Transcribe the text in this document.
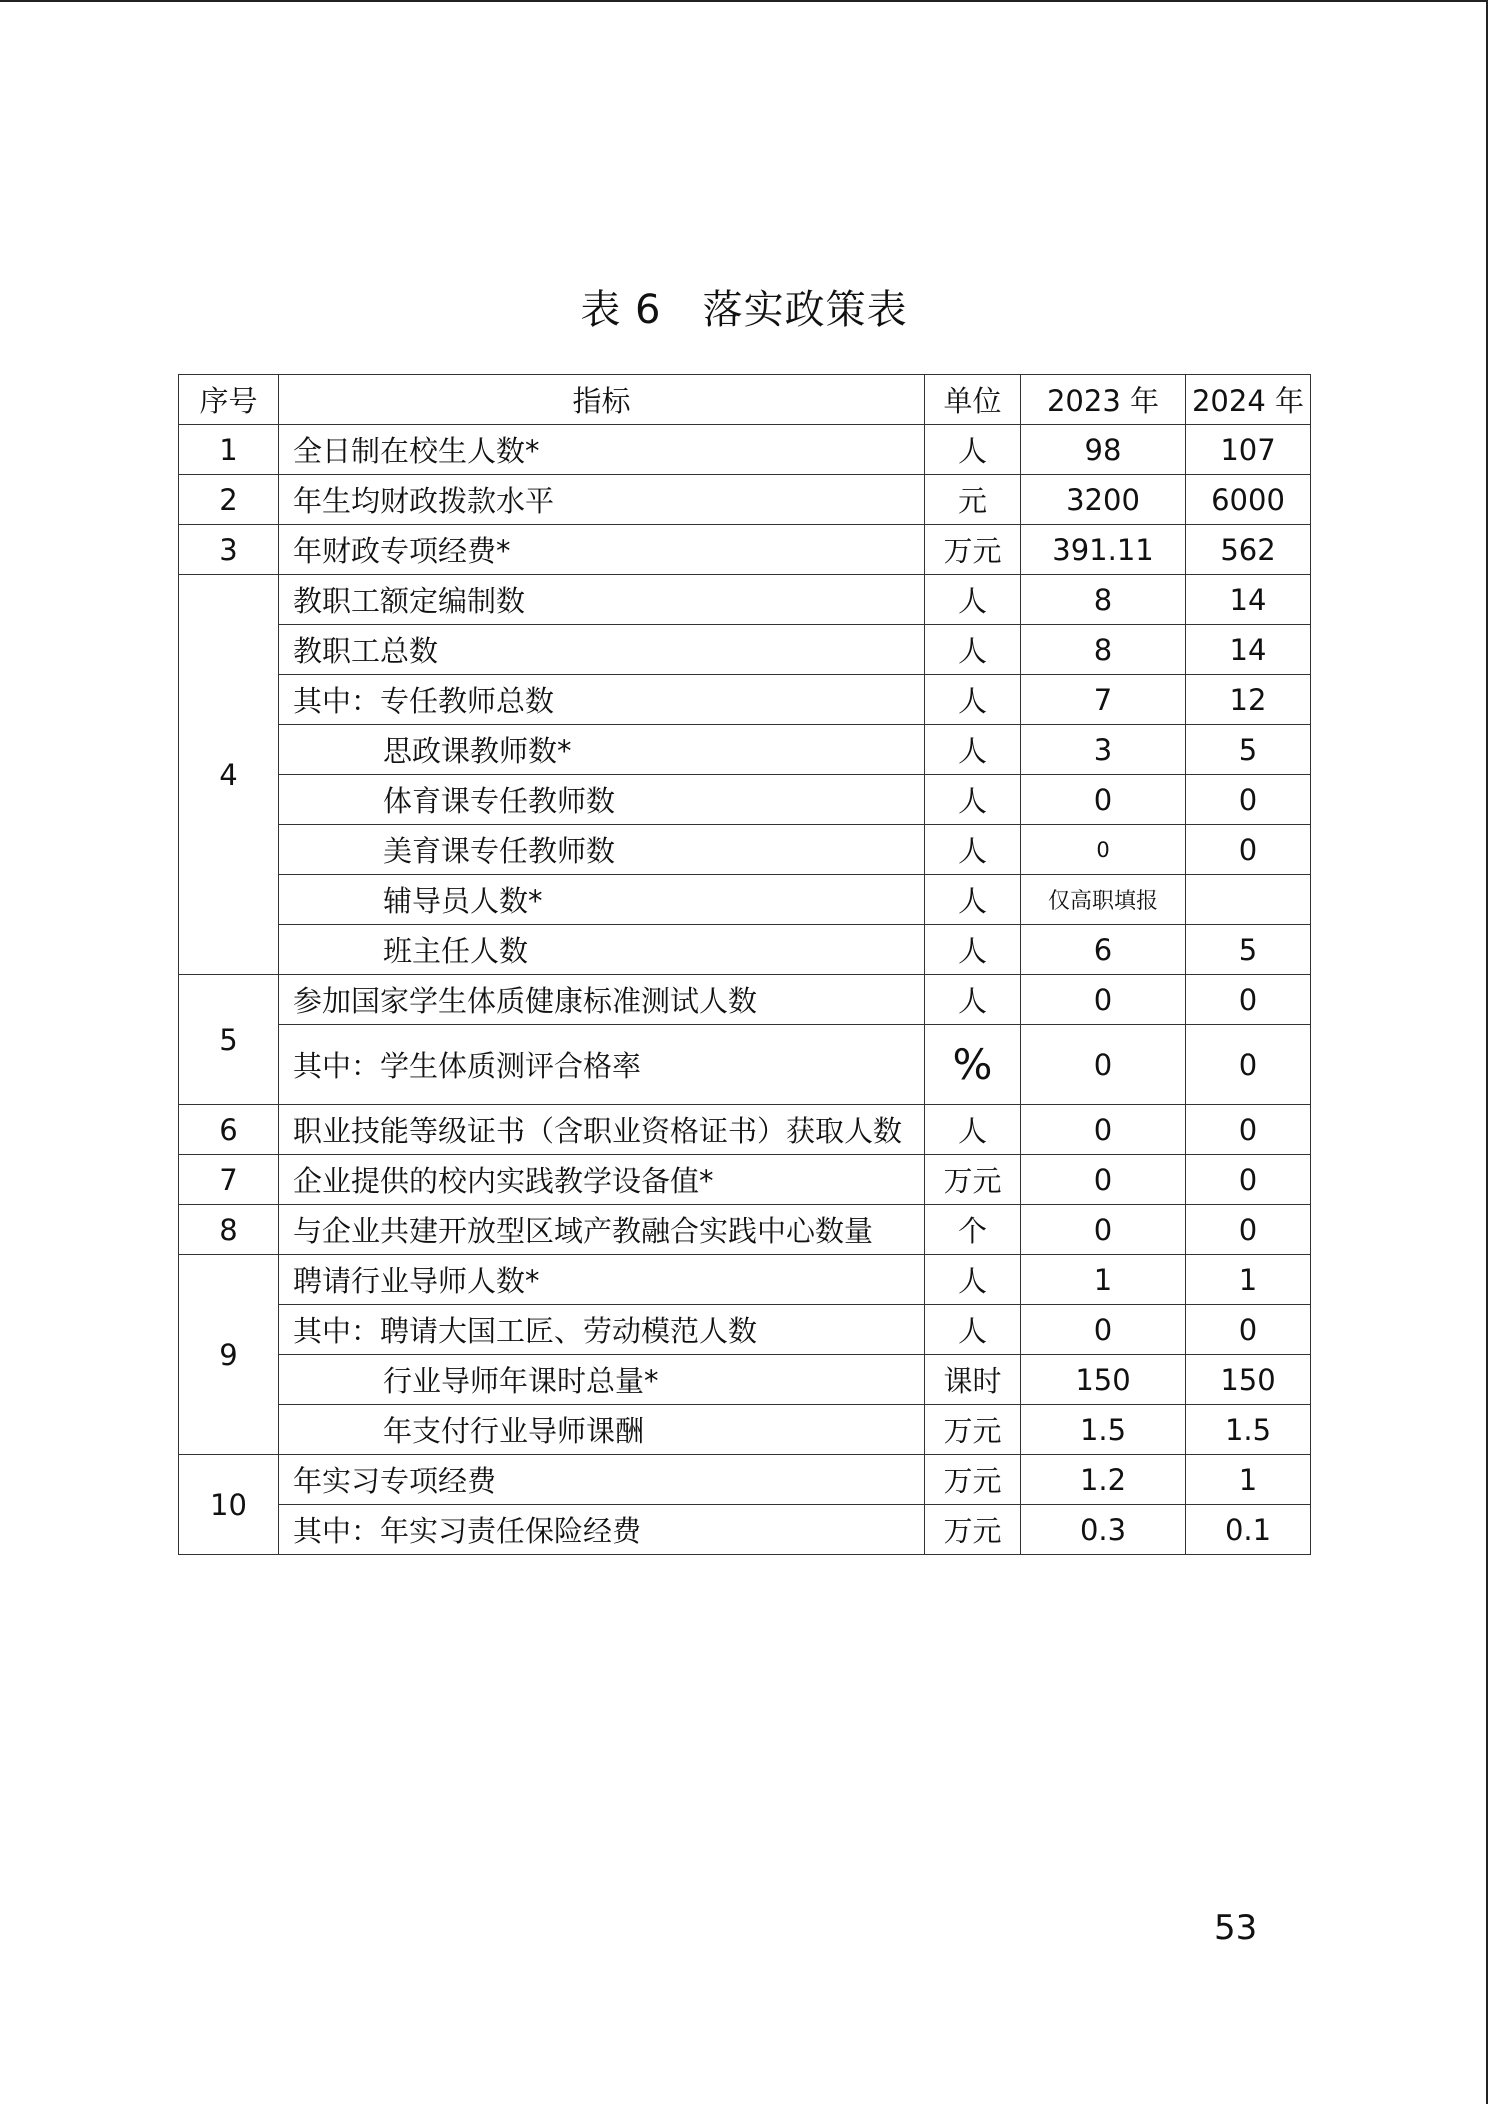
表 6   落实政策表
序号	指标	单位	2023 年	2024 年
1	全日制在校生人数*	人	98	107
2	年生均财政拨款水平	元	3200	6000
3	年财政专项经费*	万元	391.11	562
4	教职工额定编制数	人	8	14
	教职工总数	人	8	14
	其中：专任教师总数	人	7	12
	思政课教师数*	人	3	5
	体育课专任教师数	人	0	0
	美育课专任教师数	人	0	0
	辅导员人数*	人	仅高职填报	
	班主任人数	人	6	5
5	参加国家学生体质健康标准测试人数	人	0	0
	其中：学生体质测评合格率	%	0	0
6	职业技能等级证书（含职业资格证书）获取人数	人	0	0
7	企业提供的校内实践教学设备值*	万元	0	0
8	与企业共建开放型区域产教融合实践中心数量	个	0	0
9	聘请行业导师人数*	人	1	1
	其中：聘请大国工匠、劳动模范人数	人	0	0
	行业导师年课时总量*	课时	150	150
	年支付行业导师课酬	万元	1.5	1.5
10	年实习专项经费	万元	1.2	1
	其中：年实习责任保险经费	万元	0.3	0.1
53
